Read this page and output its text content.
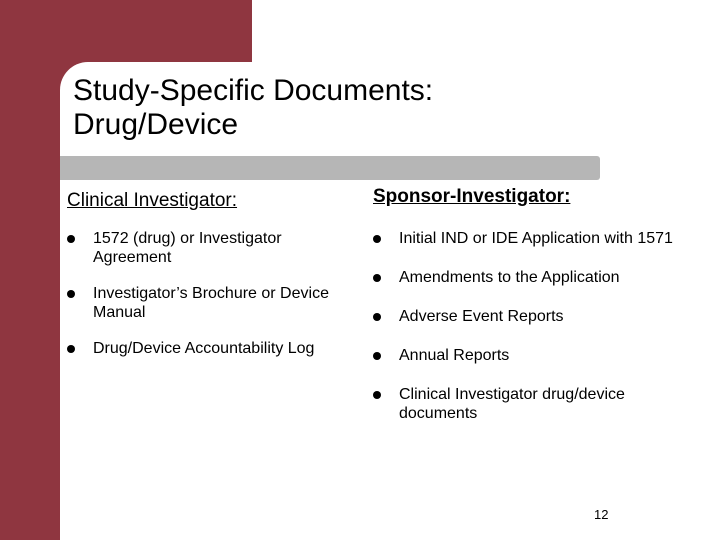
Study-Specific Documents:
Drug/Device
Clinical Investigator:
1572 (drug) or Investigator Agreement
Investigator’s Brochure or Device Manual
Drug/Device Accountability Log
Sponsor-Investigator:
Initial IND or IDE Application with 1571
Amendments to the Application
Adverse Event Reports
Annual Reports
Clinical Investigator drug/device documents
12
